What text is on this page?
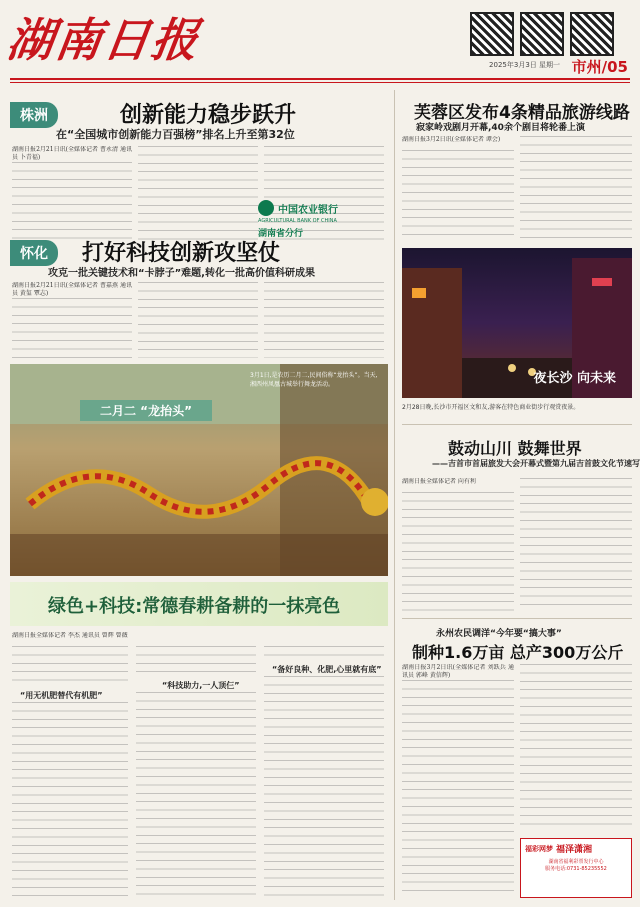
湖南日报	2025年3月3日 星期一 市州/05
株洲	创新能力稳步跃升
在“全国城市创新能力百强榜”排名上升至第32位
湖南日报2月21日讯(全媒体记者 曹永清 通讯员 卜青福)
中国农业银行
AGRICULTURAL BANK OF CHINA
湖南省分行
怀化	打好科技创新攻坚仗
攻克一批关键技术和“卡脖子”难题,转化一批高价值科研成果
湖南日报2月21日讯(全媒体记者 曹嘉燕 通讯员 黄玺 覃志)
二月二 “龙抬头”
3月1日,是农历二月二,民间俗称“龙抬头”。当天,湘西州凤凰古城举行舞龙活动。
绿色+科技:常德春耕备耕的一抹亮色
湖南日报全媒体记者 李杰 通讯员 曾辉 曾薇
“用无机肥替代有机肥”
“科技助力,一人顶仨”
“备好良种、化肥,心里就有底”
芙蓉区发布4条精品旅游线路
寂家岭戏剧月开幕,40余个剧目将轮番上演
湖南日报3月2日讯(全媒体记者 谭会)
夜长沙 向未来
2月28日晚,长沙市开福区文和友,游客在特色商业街步行观赏夜景。
鼓动山川 鼓舞世界
——吉首市首届旅发大会开幕式暨第九届吉首鼓文化节速写
湖南日报全媒体记者 向有利
永州农民调洋“今年要“搞大事”
制种1.6万亩 总产300万公斤
湖南日报3月2日讯(全媒体记者 刘跃兵 通讯员 郭峰 黄信辉)
福彩网梦 福泽潇湘
湖南省福利彩票发行中心
服务电话:0731-85235552
